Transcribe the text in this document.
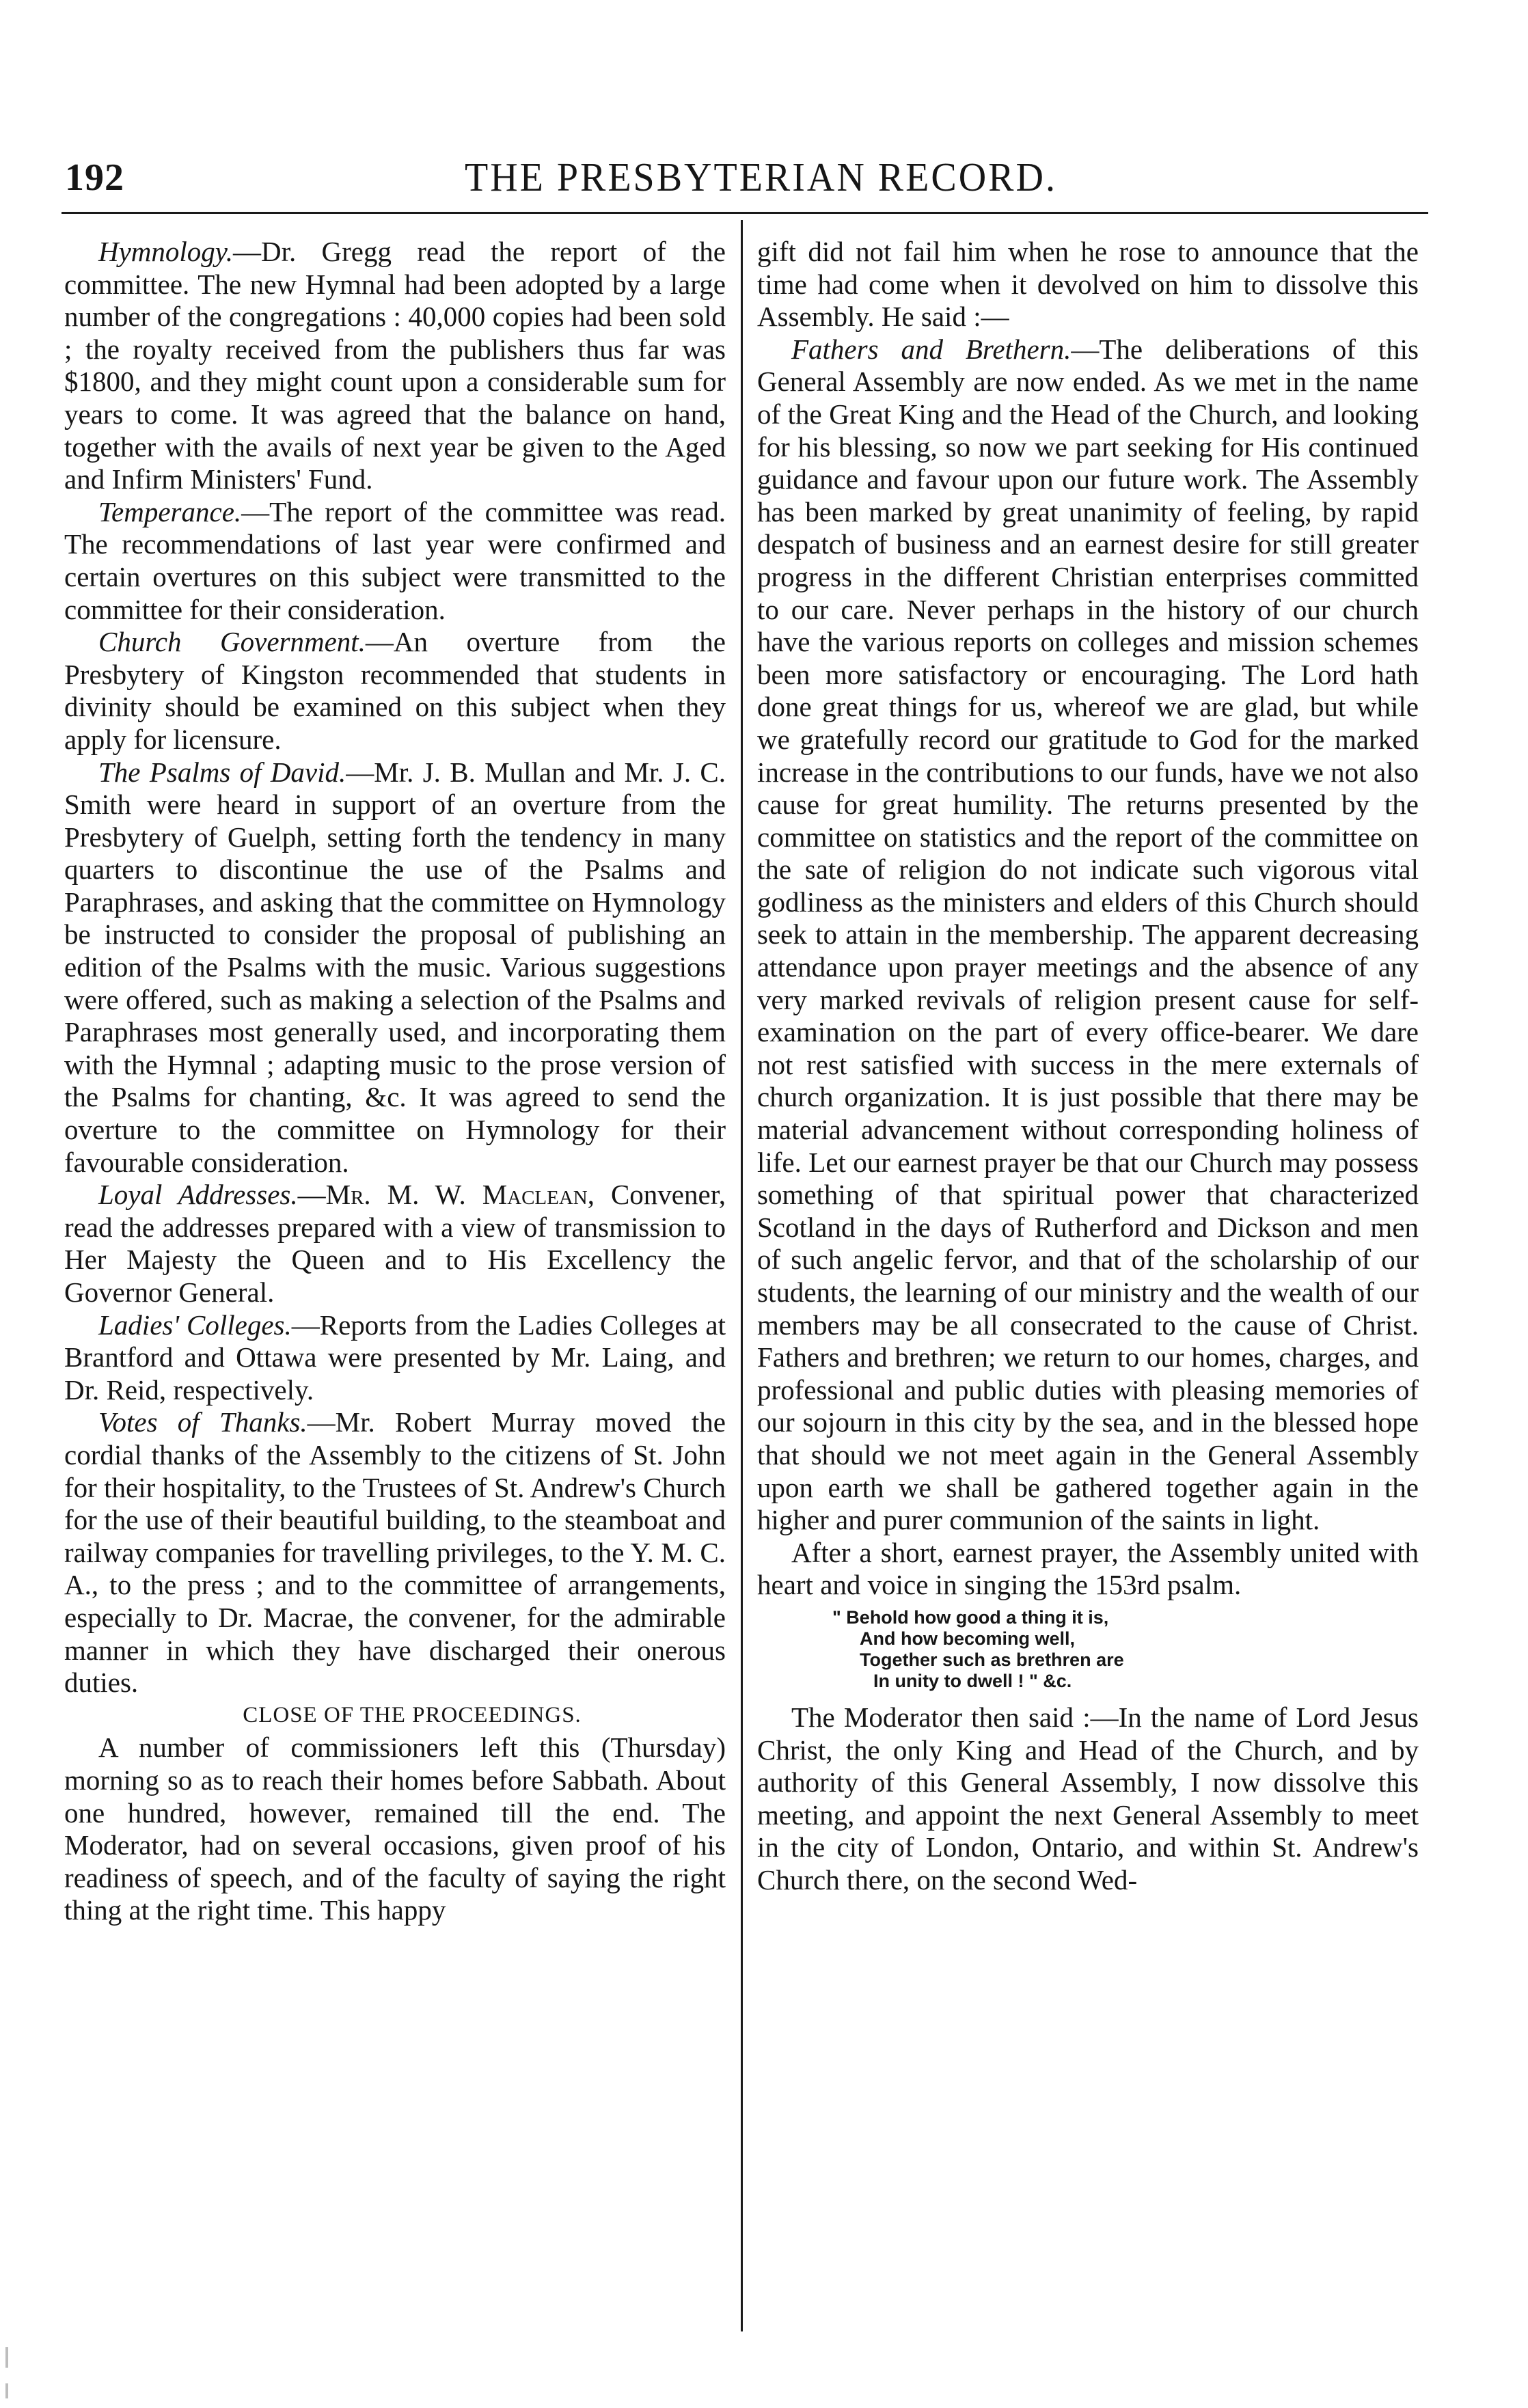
192	THE PRESBYTERIAN RECORD.

Hymnology.—Dr. Gregg read the report of the committee. The new Hymnal had been adopted by a large number of the congregations : 40,000 copies had been sold ; the royalty received from the publishers thus far was $1800, and they might count upon a considerable sum for years to come. It was agreed that the balance on hand, together with the avails of next year be given to the Aged and Infirm Ministers' Fund.

Temperance.—The report of the committee was read. The recommendations of last year were confirmed and certain overtures on this subject were transmitted to the committee for their consideration.

Church Government.—An overture from the Presbytery of Kingston recommended that students in divinity should be examined on this subject when they apply for licensure.

The Psalms of David.—Mr. J. B. Mullan and Mr. J. C. Smith were heard in support of an overture from the Presbytery of Guelph, setting forth the tendency in many quarters to discontinue the use of the Psalms and Paraphrases, and asking that the committee on Hymnology be instructed to consider the proposal of publishing an edition of the Psalms with the music. Various suggestions were offered, such as making a selection of the Psalms and Paraphrases most generally used, and incorporating them with the Hymnal ; adapting music to the prose version of the Psalms for chanting, &c. It was agreed to send the overture to the committee on Hymnology for their favourable consideration.

Loyal Addresses.—Mr. M. W. Maclean, Convener, read the addresses prepared with a view of transmission to Her Majesty the Queen and to His Excellency the Governor General.

Ladies' Colleges.—Reports from the Ladies Colleges at Brantford and Ottawa were presented by Mr. Laing, and Dr. Reid, respectively.

Votes of Thanks.—Mr. Robert Murray moved the cordial thanks of the Assembly to the citizens of St. John for their hospitality, to the Trustees of St. Andrew's Church for the use of their beautiful building, to the steamboat and railway companies for travelling privileges, to the Y. M. C. A., to the press ; and to the committee of arrangements, especially to Dr. Macrae, the convener, for the admirable manner in which they have discharged their onerous duties.

CLOSE OF THE PROCEEDINGS.

A number of commissioners left this (Thursday) morning so as to reach their homes before Sabbath. About one hundred, however, remained till the end. The Moderator, had on several occasions, given proof of his readiness of speech, and of the faculty of saying the right thing at the right time. This happy

gift did not fail him when he rose to announce that the time had come when it devolved on him to dissolve this Assembly. He said :—

Fathers and Brethern.—The deliberations of this General Assembly are now ended. As we met in the name of the Great King and the Head of the Church, and looking for his blessing, so now we part seeking for His continued guidance and favour upon our future work. The Assembly has been marked by great unanimity of feeling, by rapid despatch of business and an earnest desire for still greater progress in the different Christian enterprises committed to our care. Never perhaps in the history of our church have the various reports on colleges and mission schemes been more satisfactory or encouraging. The Lord hath done great things for us, whereof we are glad, but while we gratefully record our gratitude to God for the marked increase in the contributions to our funds, have we not also cause for great humility. The returns presented by the committee on statistics and the report of the committee on the sate of religion do not indicate such vigorous vital godliness as the ministers and elders of this Church should seek to attain in the membership. The apparent decreasing attendance upon prayer meetings and the absence of any very marked revivals of religion present cause for self-examination on the part of every office-bearer. We dare not rest satisfied with success in the mere externals of church organization. It is just possible that there may be material advancement without corresponding holiness of life. Let our earnest prayer be that our Church may possess something of that spiritual power that characterized Scotland in the days of Rutherford and Dickson and men of such angelic fervor, and that of the scholarship of our students, the learning of our ministry and the wealth of our members may be all consecrated to the cause of Christ. Fathers and brethren; we return to our homes, charges, and professional and public duties with pleasing memories of our sojourn in this city by the sea, and in the blessed hope that should we not meet again in the General Assembly upon earth we shall be gathered together again in the higher and purer communion of the saints in light.

After a short, earnest prayer, the Assembly united with heart and voice in singing the 153rd psalm.

" Behold how good a thing it is,
And how becoming well,
Together such as brethren are
In unity to dwell ! " &c.

The Moderator then said :—In the name of Lord Jesus Christ, the only King and Head of the Church, and by authority of this General Assembly, I now dissolve this meeting, and appoint the next General Assembly to meet in the city of London, Ontario, and within St. Andrew's Church there, on the second Wed-
